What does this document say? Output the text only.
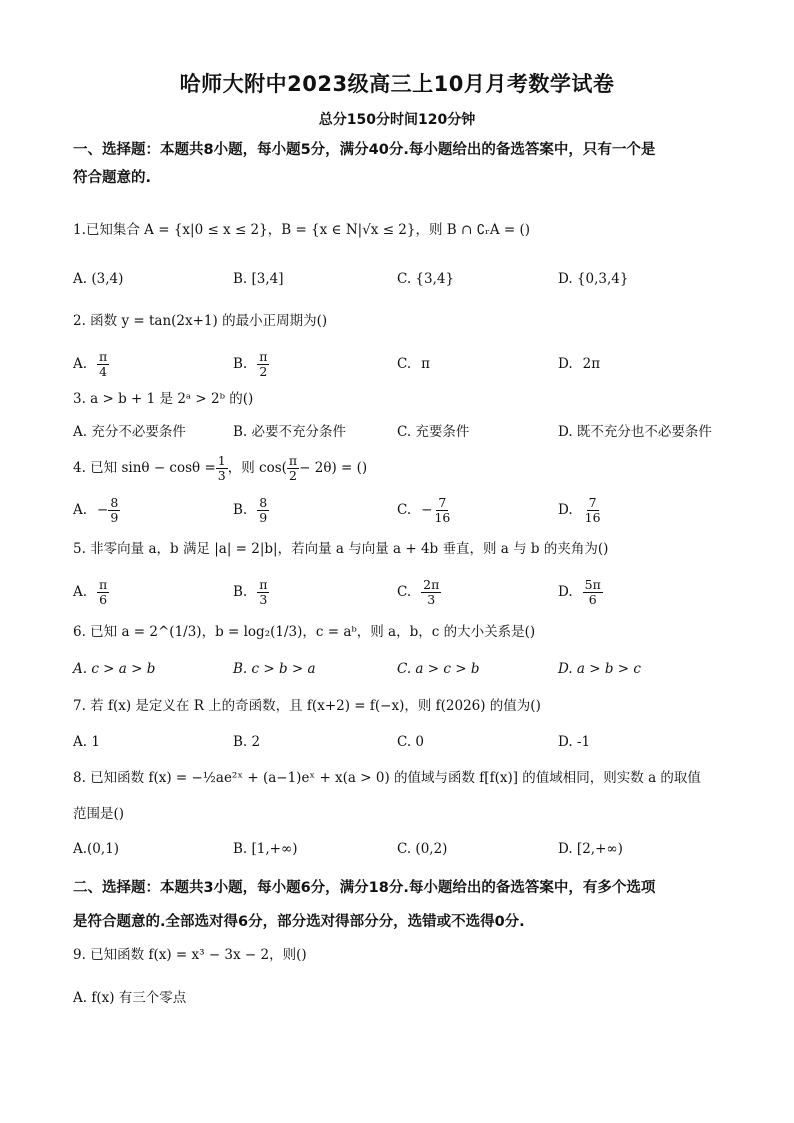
哈师大附中2023级高三上10月月考数学试卷
总分150分时间120分钟
一、选择题：本题共8小题，每小题5分，满分40分.每小题给出的备选答案中，只有一个是
符合题意的.
1.已知集合 A = {x|0 ≤ x ≤ 2}，B = {x ∈ N|√x ≤ 2}，则 B ∩ ∁ᵣA = ()
A. (3,4)	B. [3,4]	C. {3,4}	D. {0,3,4}
2. 函数 y = tan(2x+1) 的最小正周期为()
A. $\frac{\pi}{4}$	B. $\frac{\pi}{2}$	C. π	D. 2π
3. a > b + 1 是 2ᵃ > 2ᵇ 的()
A. 充分不必要条件	B. 必要不充分条件	C. 充要条件	D. 既不充分也不必要条件
4. 已知 $\sin\theta - \cos\theta = \frac{1}{3}$ ，则 $\cos( \frac{\pi}{2} - 2\theta)$ = ()
A. − $\frac{8}{9}$	B. $\frac{8}{9}$	C. − $\frac{7}{16}$	D. $\frac{7}{16}$
5. 非零向量 a，b 满足 |a| = 2|b|，若向量 a 与向量 a + 4b 垂直，则 a 与 b 的夹角为()
A. $\frac{\pi}{6}$	B. $\frac{\pi}{3}$	C. $\frac{2\pi}{3}$	D. $\frac{5\pi}{6}$
6. 已知 a = 2^(1/3)，b = log₂(1/3)，c = aᵇ，则 a，b，c 的大小关系是()
A. c > a > b	B. c > b > a	C. a > c > b	D. a > b > c
7. 若 f(x) 是定义在 R 上的奇函数，且 f(x+2) = f(−x)，则 f(2026) 的值为()
A. 1	B. 2	C. 0	D. -1
8. 已知函数 f(x) = −½ae²ˣ + (a−1)eˣ + x(a > 0) 的值域与函数 f[f(x)] 的值域相同，则实数 a 的取值
范围是()
A.(0,1)	B. [1,+∞)	C. (0,2)	D. [2,+∞)
二、选择题：本题共3小题，每小题6分，满分18分.每小题给出的备选答案中，有多个选项
是符合题意的.全部选对得6分，部分选对得部分分，选错或不选得0分.
9. 已知函数 f(x) = x³ − 3x − 2，则()
A. f(x) 有三个零点
